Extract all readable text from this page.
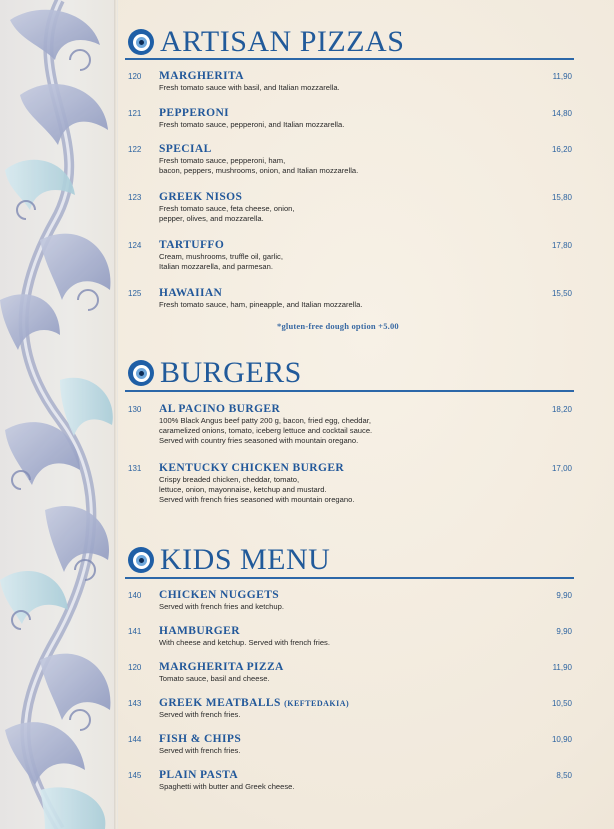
ARTISAN PIZZAS
120 MARGHERITA	11,90
Fresh tomato sauce with basil, and Italian mozzarella.
121 PEPPERONI	14,80
Fresh tomato sauce, pepperoni, and Italian mozzarella.
122 SPECIAL	16,20
Fresh tomato sauce, pepperoni, ham,
bacon, peppers, mushrooms, onion, and Italian mozzarella.
123 GREEK NISOS	15,80
Fresh tomato sauce, feta cheese, onion,
pepper, olives, and mozzarella.
124 TARTUFFO	17,80
Cream, mushrooms, truffle oil, garlic,
Italian mozzarella, and parmesan.
125 HAWAIIAN	15,50
Fresh tomato sauce, ham, pineapple, and Italian mozzarella.
*gluten-free dough option +5.00
BURGERS
130 AL PACINO BURGER	18,20
100% Black Angus beef patty 200 g, bacon, fried egg, cheddar,
caramelized onions, tomato, iceberg lettuce and cocktail sauce.
Served with country fries seasoned with mountain oregano.
131 KENTUCKY CHICKEN BURGER	17,00
Crispy breaded chicken, cheddar, tomato,
lettuce, onion, mayonnaise, ketchup and mustard.
Served with french fries seasoned with mountain oregano.
KIDS MENU
140 CHICKEN NUGGETS	9,90
Served with french fries and ketchup.
141 HAMBURGER	9,90
With cheese and ketchup. Served with french fries.
120 MARGHERITA PIZZA	11,90
Tomato sauce, basil and cheese.
143 GREEK MEATBALLS (KEFTEDAKIA)	10,50
Served with french fries.
144 FISH & CHIPS	10,90
Served with french fries.
145 PLAIN PASTA	8,50
Spaghetti with butter and Greek cheese.
